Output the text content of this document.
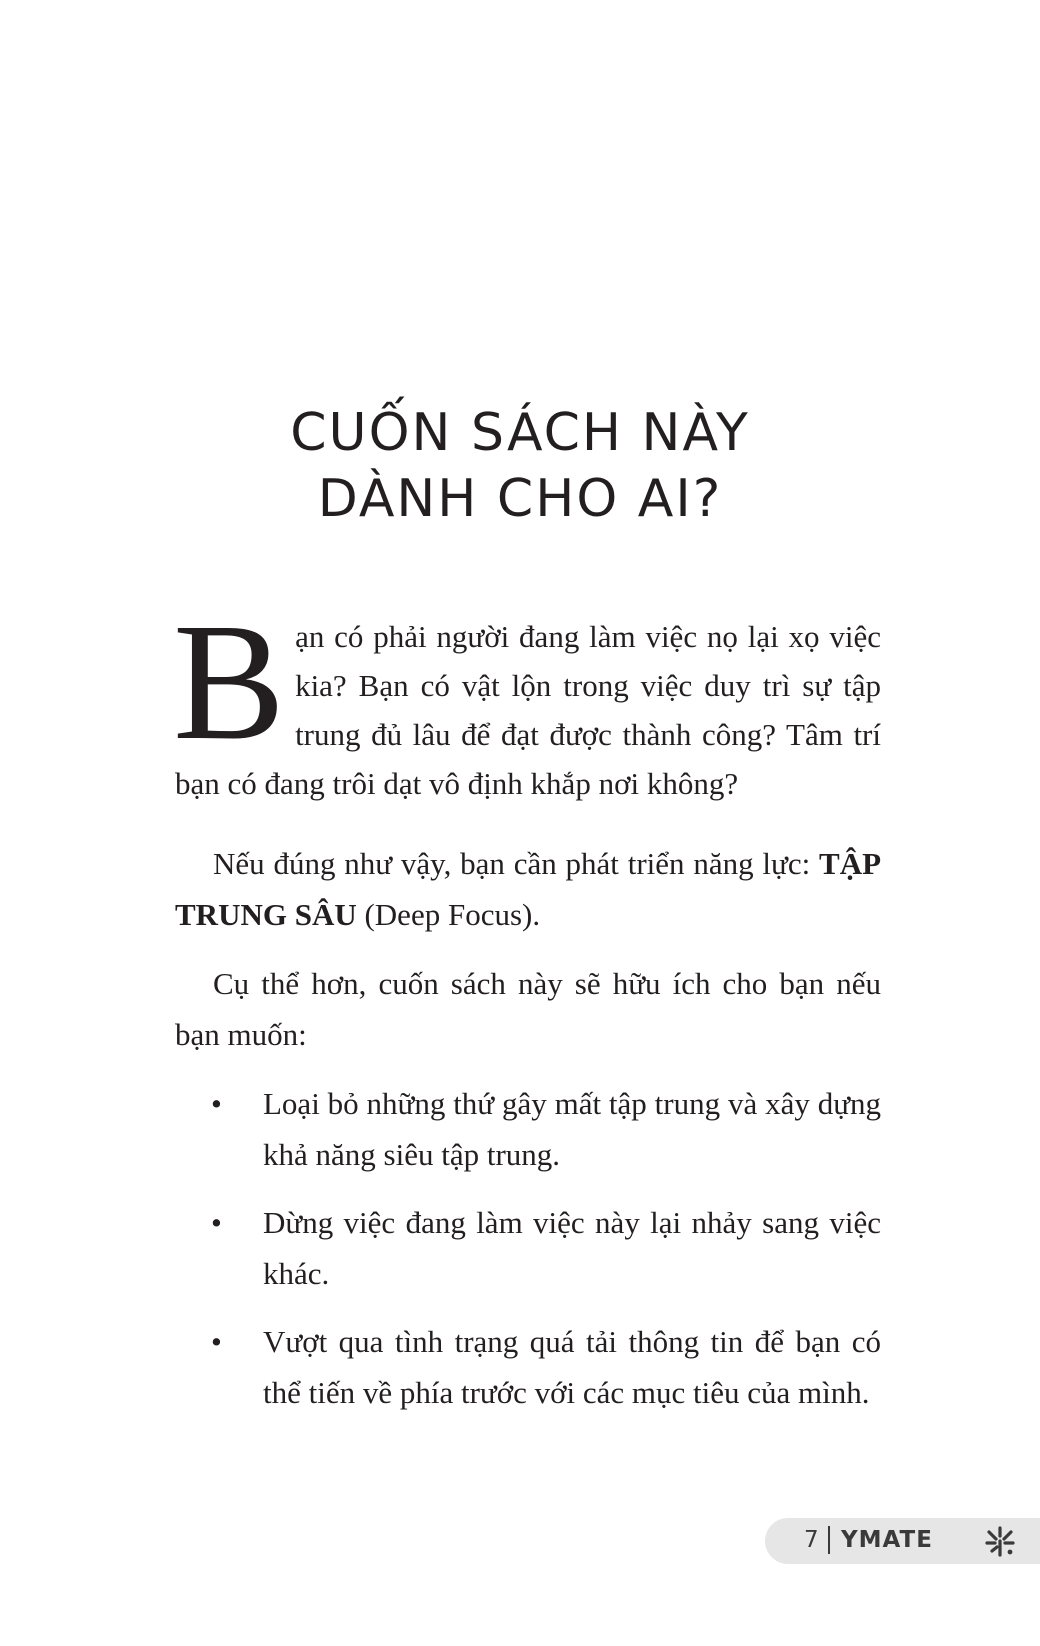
CUỐN SÁCH NÀY
DÀNH CHO AI?
B ạn có phải người đang làm việc nọ lại xọ việc kia? Bạn có vật lộn trong việc duy trì sự tập trung đủ lâu để đạt được thành công? Tâm trí bạn có đang trôi dạt vô định khắp nơi không?
Nếu đúng như vậy, bạn cần phát triển năng lực: TẬP TRUNG SÂU (Deep Focus).
Cụ thể hơn, cuốn sách này sẽ hữu ích cho bạn nếu bạn muốn:
• Loại bỏ những thứ gây mất tập trung và xây dựng khả năng siêu tập trung.
• Dừng việc đang làm việc này lại nhảy sang việc khác.
• Vượt qua tình trạng quá tải thông tin để bạn có thể tiến về phía trước với các mục tiêu của mình.
7 YMATE
